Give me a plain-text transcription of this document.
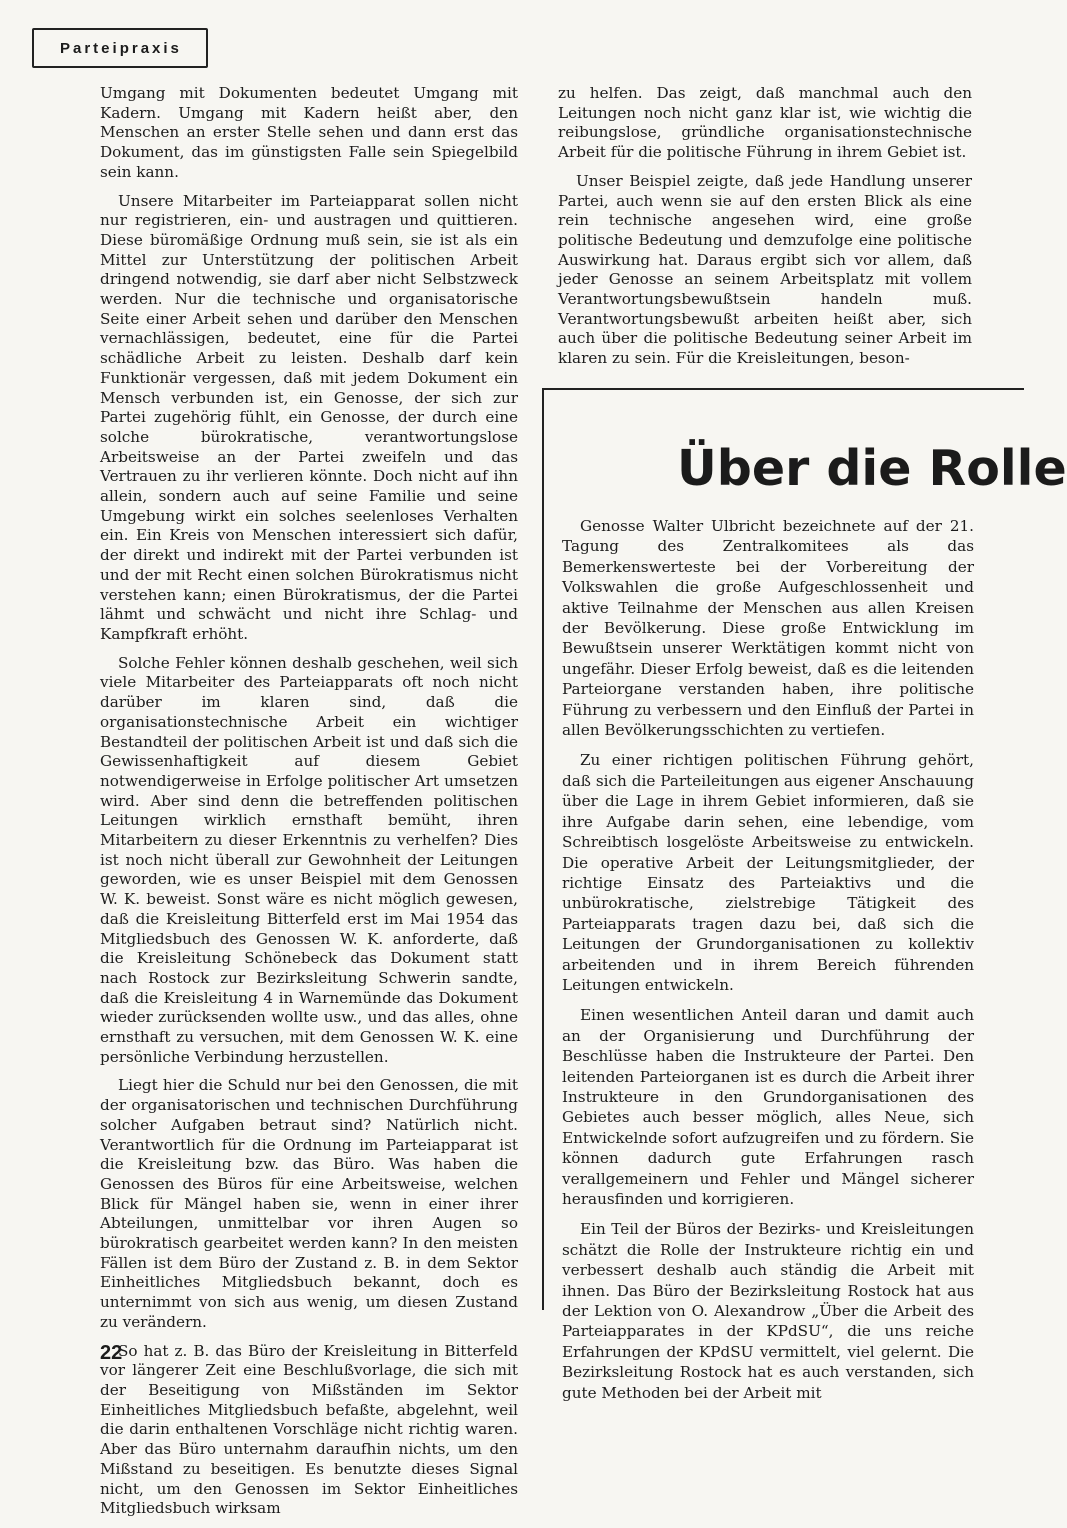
Parteipraxis

Umgang mit Dokumenten bedeutet Umgang mit Kadern. Umgang mit Kadern heißt aber, den Menschen an erster Stelle sehen und dann erst das Dokument, das im günstigsten Falle sein Spiegelbild sein kann.

Unsere Mitarbeiter im Parteiapparat sollen nicht nur registrieren, ein- und austragen und quittieren. Diese büromäßige Ordnung muß sein, sie ist als ein Mittel zur Unterstützung der politischen Arbeit dringend notwendig, sie darf aber nicht Selbstzweck werden. Nur die technische und organisatorische Seite einer Arbeit sehen und darüber den Menschen vernachlässigen, bedeutet, eine für die Partei schädliche Arbeit zu leisten. Deshalb darf kein Funktionär vergessen, daß mit jedem Dokument ein Mensch verbunden ist, ein Genosse, der sich zur Partei zugehörig fühlt, ein Genosse, der durch eine solche bürokratische, verantwortungslose Arbeitsweise an der Partei zweifeln und das Vertrauen zu ihr verlieren könnte. Doch nicht auf ihn allein, sondern auch auf seine Familie und seine Umgebung wirkt ein solches seelenloses Verhalten ein. Ein Kreis von Menschen interessiert sich dafür, der direkt und indirekt mit der Partei verbunden ist und der mit Recht einen solchen Bürokratismus nicht verstehen kann; einen Bürokratismus, der die Partei lähmt und schwächt und nicht ihre Schlag- und Kampfkraft erhöht.

Solche Fehler können deshalb geschehen, weil sich viele Mitarbeiter des Parteiapparats oft noch nicht darüber im klaren sind, daß die organisationstechnische Arbeit ein wichtiger Bestandteil der politischen Arbeit ist und daß sich die Gewissenhaftigkeit auf diesem Gebiet notwendigerweise in Erfolge politischer Art umsetzen wird. Aber sind denn die betreffenden politischen Leitungen wirklich ernsthaft bemüht, ihren Mitarbeitern zu dieser Erkenntnis zu verhelfen? Dies ist noch nicht überall zur Gewohnheit der Leitungen geworden, wie es unser Beispiel mit dem Genossen W. K. beweist. Sonst wäre es nicht möglich gewesen, daß die Kreisleitung Bitterfeld erst im Mai 1954 das Mitgliedsbuch des Genossen W. K. anforderte, daß die Kreisleitung Schönebeck das Dokument statt nach Rostock zur Bezirksleitung Schwerin sandte, daß die Kreisleitung 4 in Warnemünde das Dokument wieder zurücksenden wollte usw., und das alles, ohne ernsthaft zu versuchen, mit dem Genossen W. K. eine persönliche Verbindung herzustellen.

Liegt hier die Schuld nur bei den Genossen, die mit der organisatorischen und technischen Durchführung solcher Aufgaben betraut sind? Natürlich nicht. Verantwortlich für die Ordnung im Parteiapparat ist die Kreisleitung bzw. das Büro. Was haben die Genossen des Büros für eine Arbeitsweise, welchen Blick für Mängel haben sie, wenn in einer ihrer Abteilungen, unmittelbar vor ihren Augen so bürokratisch gearbeitet werden kann? In den meisten Fällen ist dem Büro der Zustand z. B. in dem Sektor Einheitliches Mitgliedsbuch bekannt, doch es unternimmt von sich aus wenig, um diesen Zustand zu verändern.

So hat z. B. das Büro der Kreisleitung in Bitterfeld vor längerer Zeit eine Beschlußvorlage, die sich mit der Beseitigung von Mißständen im Sektor Einheitliches Mitgliedsbuch befaßte, abgelehnt, weil die darin enthaltenen Vorschläge nicht richtig waren. Aber das Büro unternahm daraufhin nichts, um den Mißstand zu beseitigen. Es benutzte dieses Signal nicht, um den Genossen im Sektor Einheitliches Mitgliedsbuch wirksam

zu helfen. Das zeigt, daß manchmal auch den Leitungen noch nicht ganz klar ist, wie wichtig die reibungslose, gründliche organisationstechnische Arbeit für die politische Führung in ihrem Gebiet ist.

Unser Beispiel zeigte, daß jede Handlung unserer Partei, auch wenn sie auf den ersten Blick als eine rein technische angesehen wird, eine große politische Bedeutung und demzufolge eine politische Auswirkung hat. Daraus ergibt sich vor allem, daß jeder Genosse an seinem Arbeitsplatz mit vollem Verantwortungsbewußtsein handeln muß. Verantwortungsbewußt arbeiten heißt aber, sich auch über die politische Bedeutung seiner Arbeit im klaren zu sein. Für die Kreisleitungen, beson-

Über die Rolle

Genosse Walter Ulbricht bezeichnete auf der 21. Tagung des Zentralkomitees als das Bemerkenswerteste bei der Vorbereitung der Volkswahlen die große Aufgeschlossenheit und aktive Teilnahme der Menschen aus allen Kreisen der Bevölkerung. Diese große Entwicklung im Bewußtsein unserer Werktätigen kommt nicht von ungefähr. Dieser Erfolg beweist, daß es die leitenden Parteiorgane verstanden haben, ihre politische Führung zu verbessern und den Einfluß der Partei in allen Bevölkerungsschichten zu vertiefen.

Zu einer richtigen politischen Führung gehört, daß sich die Parteileitungen aus eigener Anschauung über die Lage in ihrem Gebiet informieren, daß sie ihre Aufgabe darin sehen, eine lebendige, vom Schreibtisch losgelöste Arbeitsweise zu entwickeln. Die operative Arbeit der Leitungsmitglieder, der richtige Einsatz des Parteiaktivs und die unbürokratische, zielstrebige Tätigkeit des Parteiapparats tragen dazu bei, daß sich die Leitungen der Grundorganisationen zu kollektiv arbeitenden und in ihrem Bereich führenden Leitungen entwickeln.

Einen wesentlichen Anteil daran und damit auch an der Organisierung und Durchführung der Beschlüsse haben die Instrukteure der Partei. Den leitenden Parteiorganen ist es durch die Arbeit ihrer Instrukteure in den Grundorganisationen des Gebietes auch besser möglich, alles Neue, sich Entwickelnde sofort aufzugreifen und zu fördern. Sie können dadurch gute Erfahrungen rasch verallgemeinern und Fehler und Mängel sicherer herausfinden und korrigieren.

Ein Teil der Büros der Bezirks- und Kreisleitungen schätzt die Rolle der Instrukteure richtig ein und verbessert deshalb auch ständig die Arbeit mit ihnen. Das Büro der Bezirksleitung Rostock hat aus der Lektion von O. Alexandrow „Über die Arbeit des Parteiapparates in der KPdSU“, die uns reiche Erfahrungen der KPdSU vermittelt, viel gelernt. Die Bezirksleitung Rostock hat es auch verstanden, sich gute Methoden bei der Arbeit mit

22
